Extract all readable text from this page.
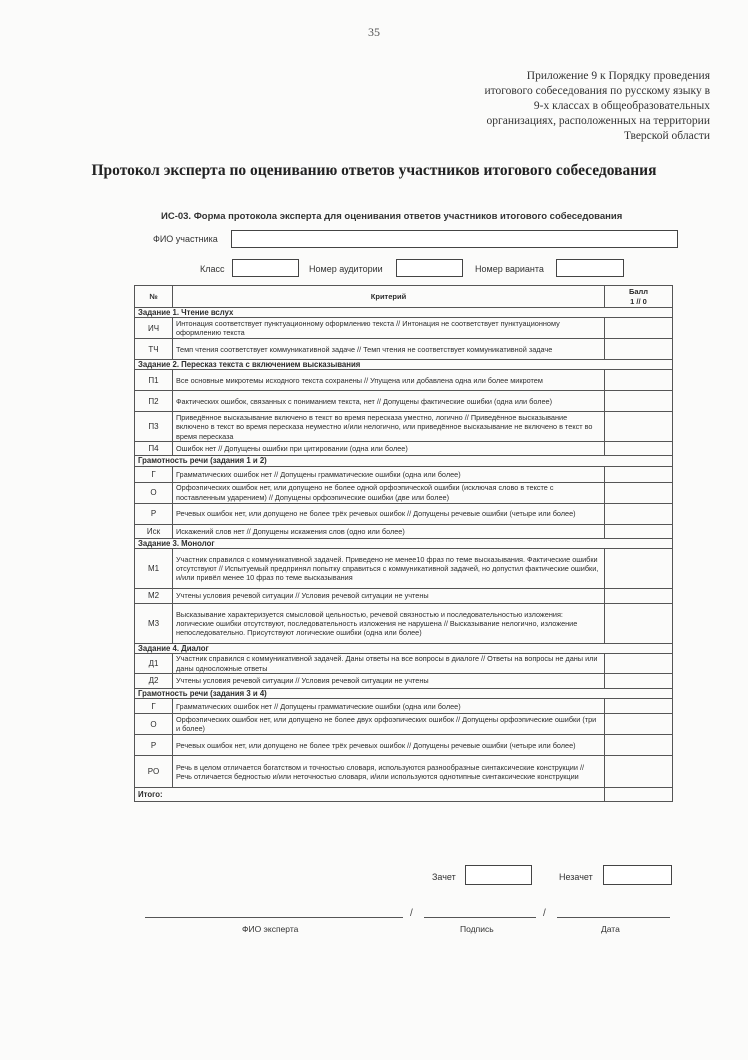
35
Приложение 9 к Порядку проведения
итогового собеседования по русскому языку в
9-х классах в общеобразовательных
организациях, расположенных на территории
Тверской области
Протокол эксперта по оцениванию ответов участников итогового собеседования
ИС-03. Форма протокола эксперта для оценивания ответов участников итогового собеседования
ФИО участника
Класс	Номер аудитории	Номер варианта
№	Критерий	Балл
1 // 0
Задание 1. Чтение вслух		
ИЧ	Интонация соответствует пунктуационному оформлению текста // Интонация не соответствует пунктуационному оформлению текста	
ТЧ	Темп чтения соответствует коммуникативной задаче // Темп чтения не соответствует коммуникативной задаче	
Задание 2. Пересказ текста с включением высказывания		
П1	Все основные микротемы исходного текста сохранены // Упущена или добавлена одна или более микротем	
П2	Фактических ошибок, связанных с пониманием текста, нет // Допущены фактические ошибки (одна или более)	
П3	Приведённое высказывание включено в текст во время пересказа уместно, логично // Приведённое высказывание включено в текст во время пересказа неуместно и/или нелогично, или приведённое высказывание не включено в текст во время пересказа	
П4	Ошибок нет // Допущены ошибки при цитировании (одна или более)	
Грамотность речи (задания 1 и 2)		
Г	Грамматических ошибок нет // Допущены грамматические ошибки (одна или более)	
О	Орфоэпических ошибок нет, или допущено не более одной орфоэпической ошибки (исключая слово в тексте с поставленным ударением) // Допущены орфоэпические ошибки (две или более)	
Р	Речевых ошибок нет, или допущено не более трёх речевых ошибок // Допущены речевые ошибки (четыре или более)	
Иск	Искажений слов нет // Допущены искажения слов (одно или более)	
Задание 3. Монолог		
М1	Участник справился с коммуникативной задачей. Приведено не менее10 фраз по теме высказывания. Фактические ошибки отсутствуют // Испытуемый предпринял попытку справиться с коммуникативной задачей, но допустил фактические ошибки, и/или привёл менее 10 фраз по теме высказывания	
М2	Учтены условия речевой ситуации // Условия речевой ситуации не учтены	
М3	Высказывание характеризуется смысловой цельностью, речевой связностью и последовательностью изложения: логические ошибки отсутствуют, последовательность изложения не нарушена // Высказывание нелогично, изложение непоследовательно. Присутствуют логические ошибки (одна или более)	
Задание 4. Диалог		
Д1	Участник справился с коммуникативной задачей. Даны ответы на все вопросы в диалоге // Ответы на вопросы не даны или даны односложные ответы	
Д2	Учтены условия речевой ситуации // Условия речевой ситуации не учтены	
Грамотность речи (задания 3 и 4)		
Г	Грамматических ошибок нет // Допущены грамматические ошибки (одна или более)	
О	Орфоэпических ошибок нет, или допущено не более двух орфоэпических ошибок // Допущены орфоэпические ошибки (три и более)	
Р	Речевых ошибок нет, или допущено не более трёх речевых ошибок // Допущены речевые ошибки (четыре или более)	
РО	Речь в целом отличается богатством и точностью словаря, используются разнообразные синтаксические конструкции // Речь отличается бедностью и/или неточностью словаря, и/или используются однотипные синтаксические конструкции	
Итого:		
Зачет	Незачет
/	/
ФИО эксперта	Подпись	Дата
